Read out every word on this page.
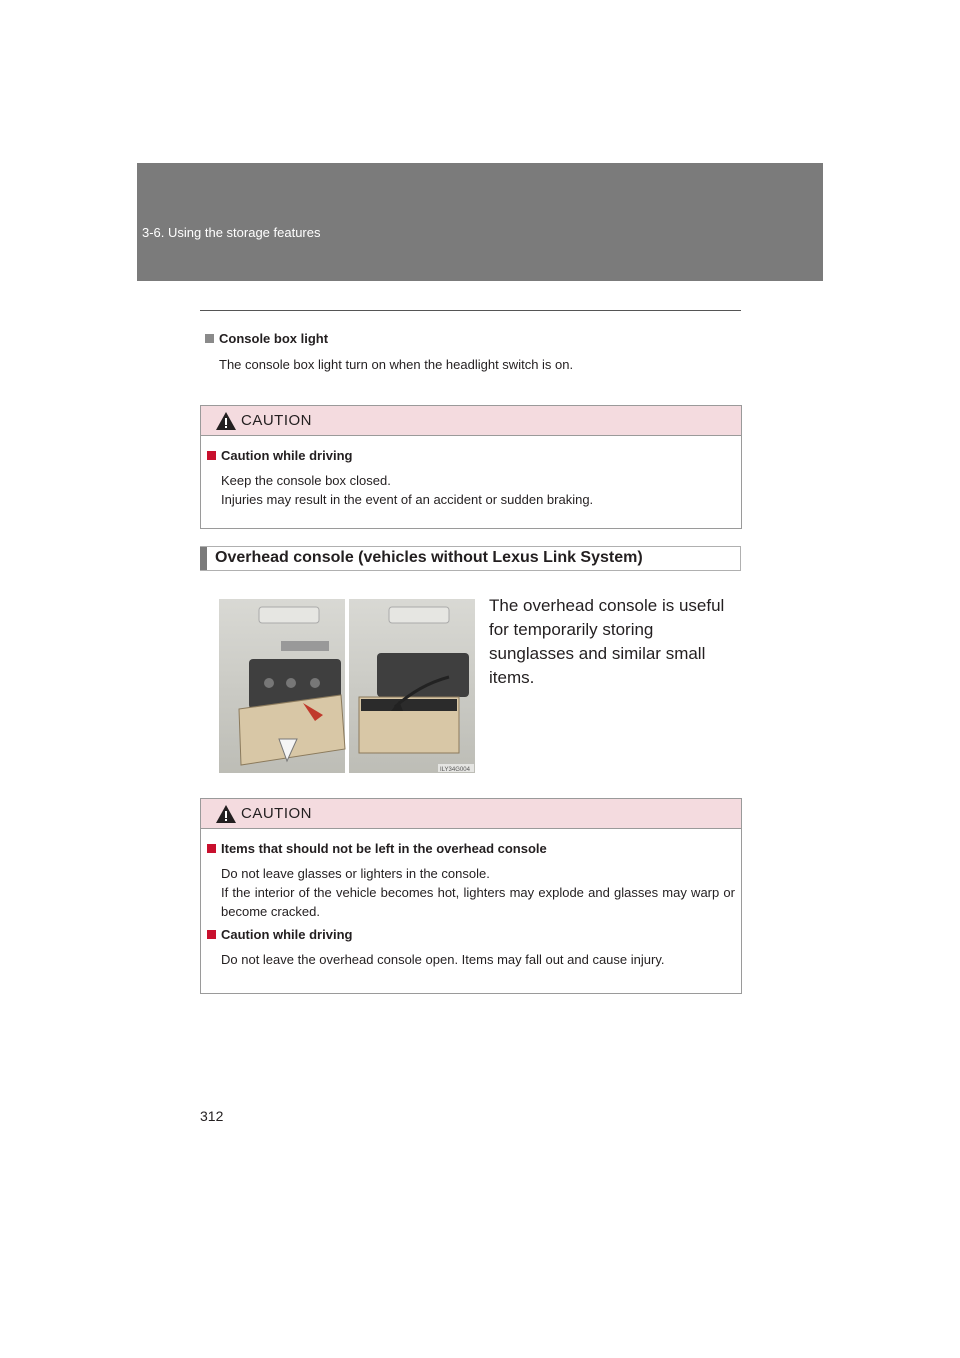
3-6. Using the storage features
Console box light
The console box light turn on when the headlight switch is on.
CAUTION
Caution while driving
Keep the console box closed.
Injuries may result in the event of an accident or sudden braking.
Overhead console (vehicles without Lexus Link System)
ILY34G004
The overhead console is useful for temporarily storing sunglasses and similar small items.
CAUTION
Items that should not be left in the overhead console
Do not leave glasses or lighters in the console.
If the interior of the vehicle becomes hot, lighters may explode and glasses may warp or become cracked.
Caution while driving
Do not leave the overhead console open. Items may fall out and cause injury.
312
